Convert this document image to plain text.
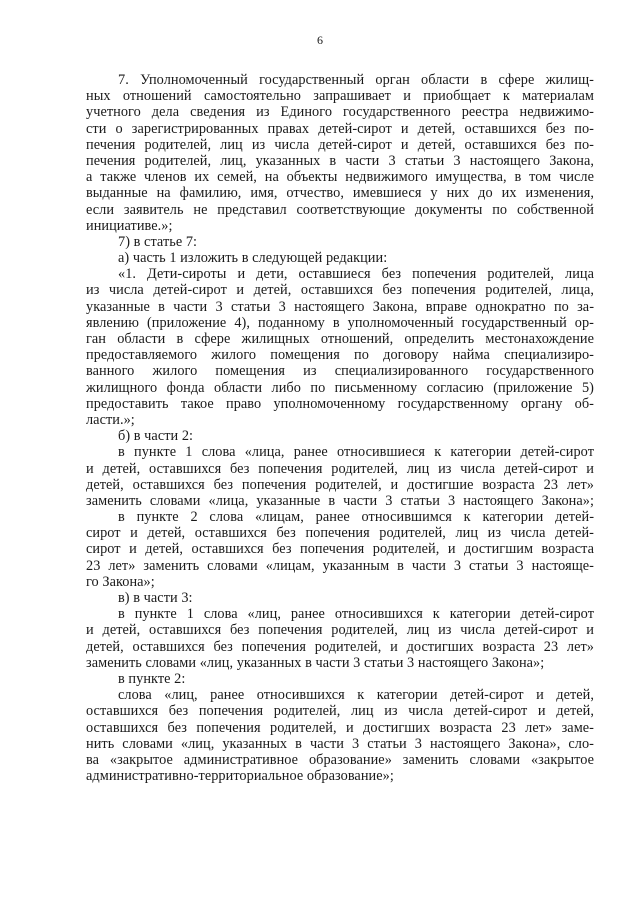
6
7. Уполномоченный государственный орган области в сфере жилищ-
ных отношений самостоятельно запрашивает и приобщает к материалам
учетного дела сведения из Единого государственного реестра недвижимо-
сти о зарегистрированных правах детей-сирот и детей, оставшихся без по-
печения родителей, лиц из числа детей-сирот и детей, оставшихся без по-
печения родителей, лиц, указанных в части 3 статьи 3 настоящего Закона,
а также членов их семей, на объекты недвижимого имущества, в том числе
выданные на фамилию, имя, отчество, имевшиеся у них до их изменения,
если заявитель не представил соответствующие документы по собственной
инициативе.»;
7) в статье 7:
а) часть 1 изложить в следующей редакции:
«1. Дети-сироты и дети, оставшиеся без попечения родителей, лица
из числа детей-сирот и детей, оставшихся без попечения родителей, лица,
указанные в части 3 статьи 3 настоящего Закона, вправе однократно по за-
явлению (приложение 4), поданному в уполномоченный государственный ор-
ган области в сфере жилищных отношений, определить местонахождение
предоставляемого жилого помещения по договору найма специализиро-
ванного жилого помещения из специализированного государственного
жилищного фонда области либо по письменному согласию (приложение 5)
предоставить такое право уполномоченному государственному органу об-
ласти.»;
б) в части 2:
в пункте 1 слова «лица, ранее относившиеся к категории детей-сирот
и детей, оставшихся без попечения родителей, лиц из числа детей-сирот и
детей, оставшихся без попечения родителей, и достигшие возраста 23 лет»
заменить словами «лица, указанные в части 3 статьи 3 настоящего Закона»;
в пункте 2 слова «лицам, ранее относившимся к категории детей-
сирот и детей, оставшихся без попечения родителей, лиц из числа детей-
сирот и детей, оставшихся без попечения родителей, и достигшим возраста
23 лет» заменить словами «лицам, указанным в части 3 статьи 3 настояще-
го Закона»;
в) в части 3:
в пункте 1 слова «лиц, ранее относившихся к категории детей-сирот
и детей, оставшихся без попечения родителей, лиц из числа детей-сирот и
детей, оставшихся без попечения родителей, и достигших возраста 23 лет»
заменить словами «лиц, указанных в части 3 статьи 3 настоящего Закона»;
в пункте 2:
слова «лиц, ранее относившихся к категории детей-сирот и детей,
оставшихся без попечения родителей, лиц из числа детей-сирот и детей,
оставшихся без попечения родителей, и достигших возраста 23 лет» заме-
нить словами «лиц, указанных в части 3 статьи 3 настоящего Закона», сло-
ва «закрытое административное образование» заменить словами «закрытое
административно-территориальное образование»;
